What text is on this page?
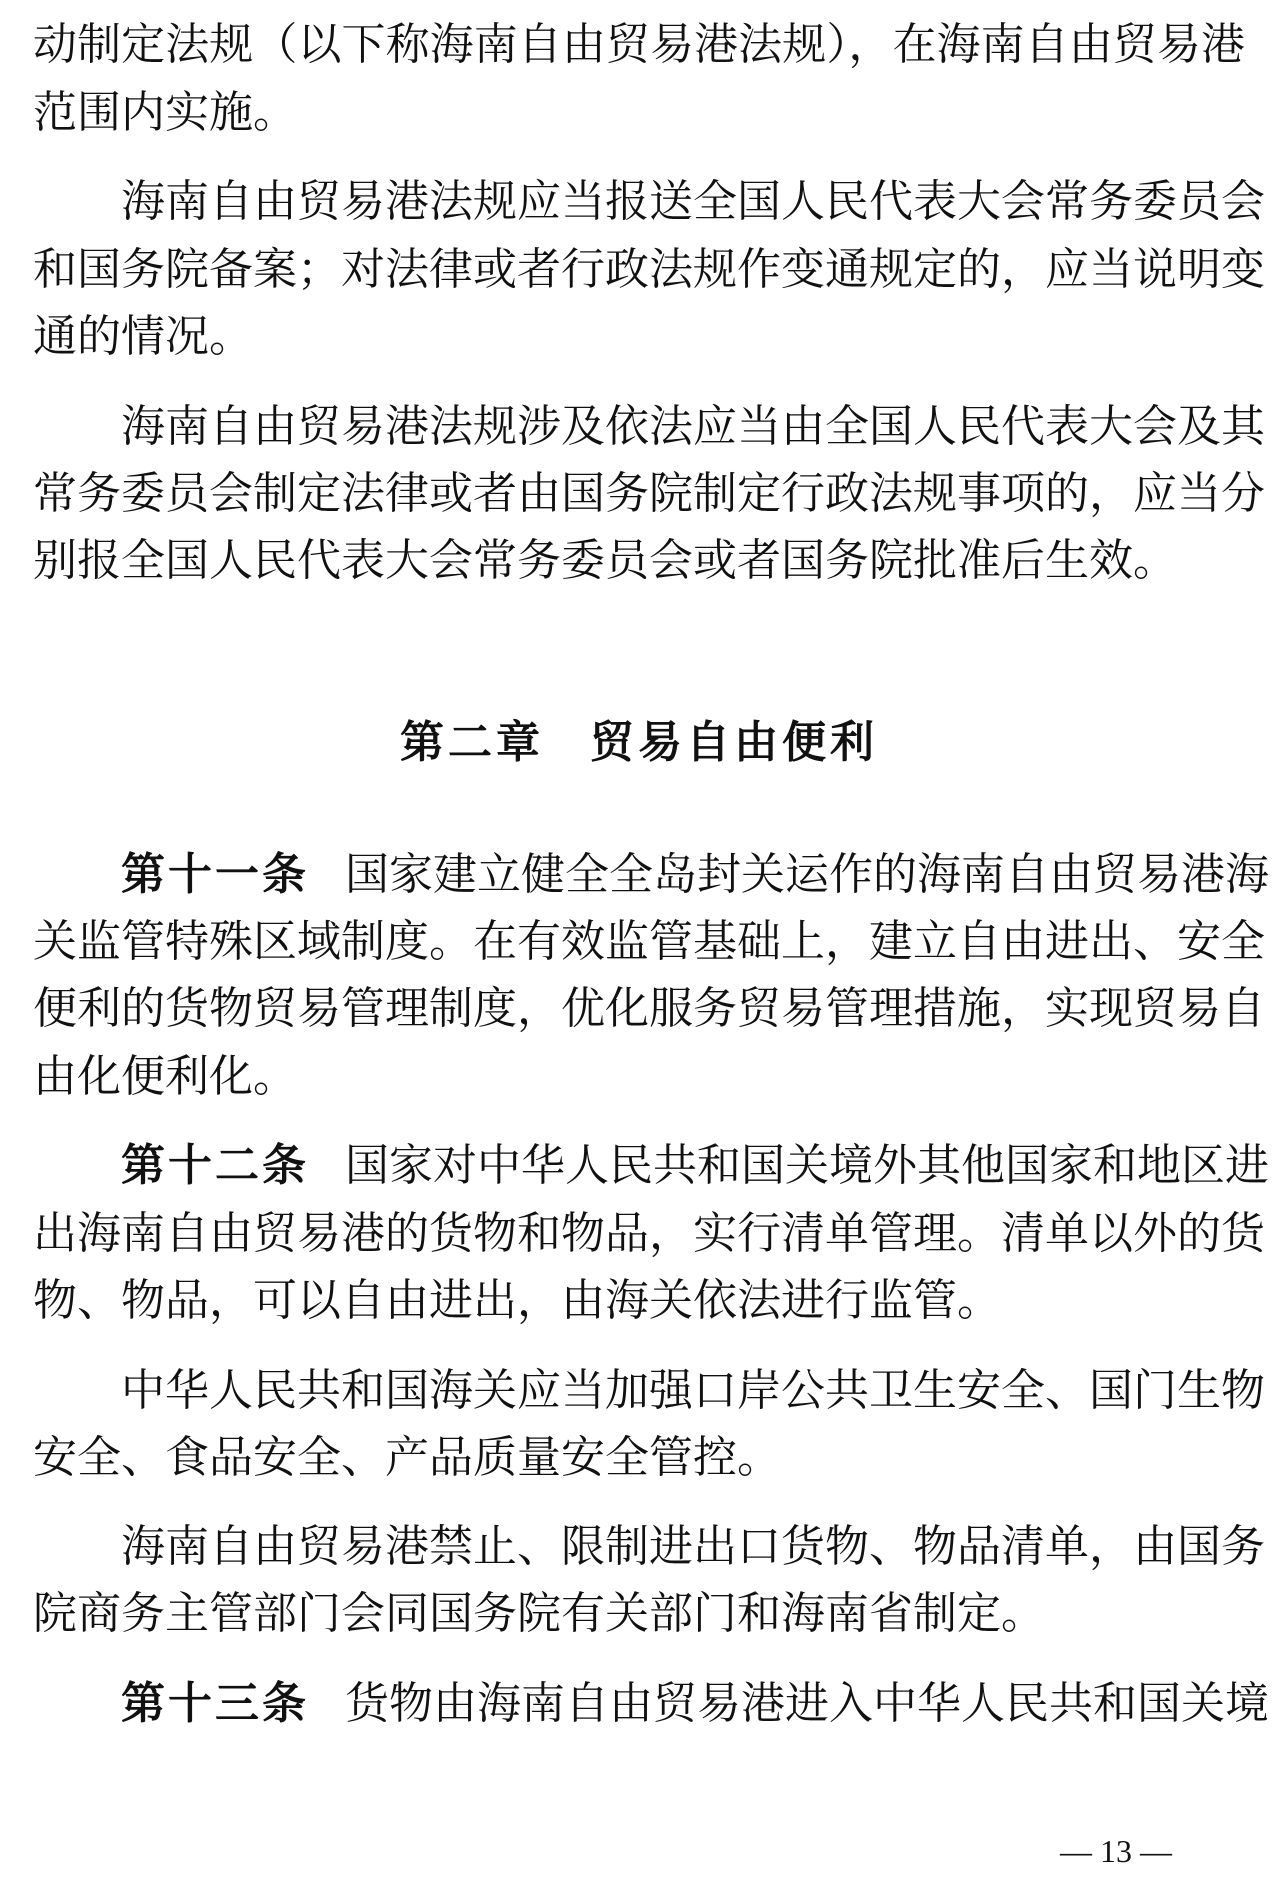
动制定法规（以下称海南自由贸易港法规），在海南自由贸易港
范围内实施。
海南自由贸易港法规应当报送全国人民代表大会常务委员会
和国务院备案；对法律或者行政法规作变通规定的，应当说明变
通的情况。
海南自由贸易港法规涉及依法应当由全国人民代表大会及其
常务委员会制定法律或者由国务院制定行政法规事项的，应当分
别报全国人民代表大会常务委员会或者国务院批准后生效。
第二章 贸易自由便利
第十一条 国家建立健全全岛封关运作的海南自由贸易港海
关监管特殊区域制度。在有效监管基础上，建立自由进出、安全
便利的货物贸易管理制度，优化服务贸易管理措施，实现贸易自
由化便利化。
第十二条 国家对中华人民共和国关境外其他国家和地区进
出海南自由贸易港的货物和物品，实行清单管理。清单以外的货
物、物品，可以自由进出，由海关依法进行监管。
中华人民共和国海关应当加强口岸公共卫生安全、国门生物
安全、食品安全、产品质量安全管控。
海南自由贸易港禁止、限制进出口货物、物品清单，由国务
院商务主管部门会同国务院有关部门和海南省制定。
第十三条 货物由海南自由贸易港进入中华人民共和国关境
— 13 —
